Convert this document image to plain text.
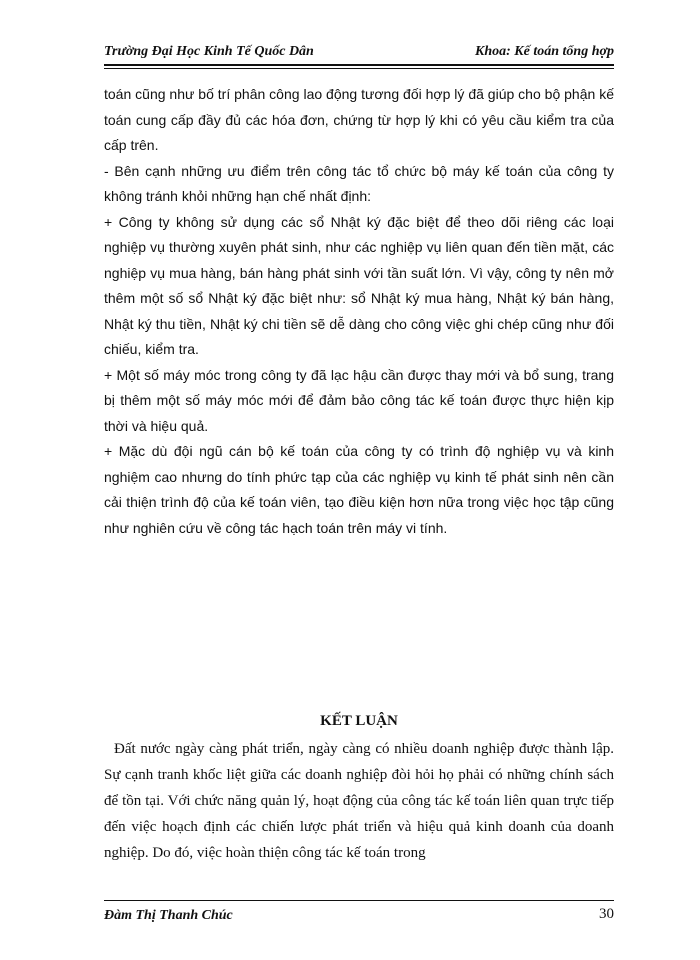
Trường Đại Học Kinh Tế Quốc Dân	Khoa: Kế toán tổng hợp

toán cũng như bố trí phân công lao động tương đối hợp lý đã giúp cho bộ phận kế toán cung cấp đầy đủ các hóa đơn, chứng từ hợp lý khi có yêu cầu kiểm tra của cấp trên.

- Bên cạnh những ưu điểm trên công tác tổ chức bộ máy kế toán của công ty không tránh khỏi những hạn chế nhất định:

+ Công ty không sử dụng các sổ Nhật ký đặc biệt để theo dõi riêng các loại nghiệp vụ thường xuyên phát sinh, như các nghiệp vụ liên quan đến tiền mặt, các nghiệp vụ mua hàng, bán hàng phát sinh với tần suất lớn. Vì vậy, công ty nên mở thêm một số sổ Nhật ký đặc biệt như: sổ Nhật ký mua hàng, Nhật ký bán hàng, Nhật ký thu tiền, Nhật ký chi tiền sẽ dễ dàng cho công việc ghi chép cũng như đối chiếu, kiểm tra.

+ Một số máy móc trong công ty đã lạc hậu cần được thay mới và bổ sung, trang bị thêm một số máy móc mới để đảm bảo công tác kế toán được thực hiện kịp thời và hiệu quả.

+ Mặc dù đội ngũ cán bộ kế toán của công ty có trình độ nghiệp vụ và kinh nghiệm cao nhưng do tính phức tạp của các nghiệp vụ kinh tế phát sinh nên cần cải thiện trình độ của kế toán viên, tạo điều kiện hơn nữa trong việc học tập cũng như nghiên cứu về công tác hạch toán trên máy vi tính.

KẾT LUẬN

Đất nước ngày càng phát triển, ngày càng có nhiều doanh nghiệp được thành lập. Sự cạnh tranh khốc liệt giữa các doanh nghiệp đòi hỏi họ phải có những chính sách để tồn tại. Với chức năng quản lý, hoạt động của công tác kế toán liên quan trực tiếp đến việc hoạch định các chiến lược phát triển và hiệu quả kinh doanh của doanh nghiệp. Do đó, việc hoàn thiện công tác kế toán trong

Đàm Thị Thanh Chúc	30
